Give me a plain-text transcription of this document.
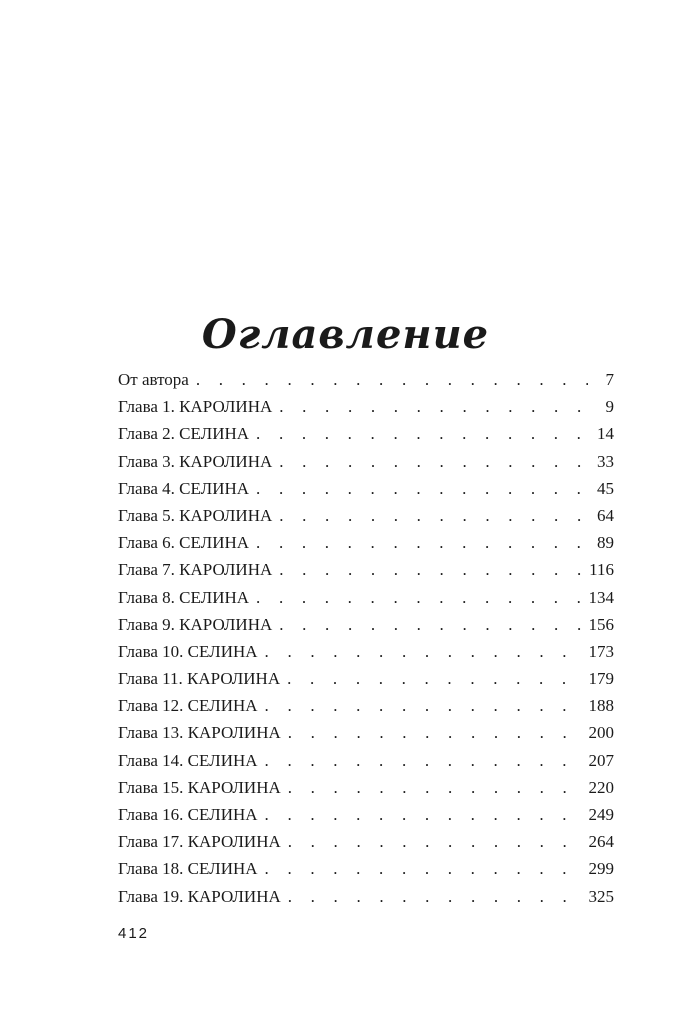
Оглавление
От автора . . .	7
Глава 1. КАРОЛИНА . . .	9
Глава 2. СЕЛИНА . . .	14
Глава 3. КАРОЛИНА . . .	33
Глава 4. СЕЛИНА . . .	45
Глава 5. КАРОЛИНА . . .	64
Глава 6. СЕЛИНА . . .	89
Глава 7. КАРОЛИНА . . .	116
Глава 8. СЕЛИНА . . .	134
Глава 9. КАРОЛИНА . . .	156
Глава 10. СЕЛИНА . . .	173
Глава 11. КАРОЛИНА . . .	179
Глава 12. СЕЛИНА . . .	188
Глава 13. КАРОЛИНА . . .	200
Глава 14. СЕЛИНА . . .	207
Глава 15. КАРОЛИНА . . .	220
Глава 16. СЕЛИНА . . .	249
Глава 17. КАРОЛИНА . . .	264
Глава 18. СЕЛИНА . . .	299
Глава 19. КАРОЛИНА . . .	325
412
